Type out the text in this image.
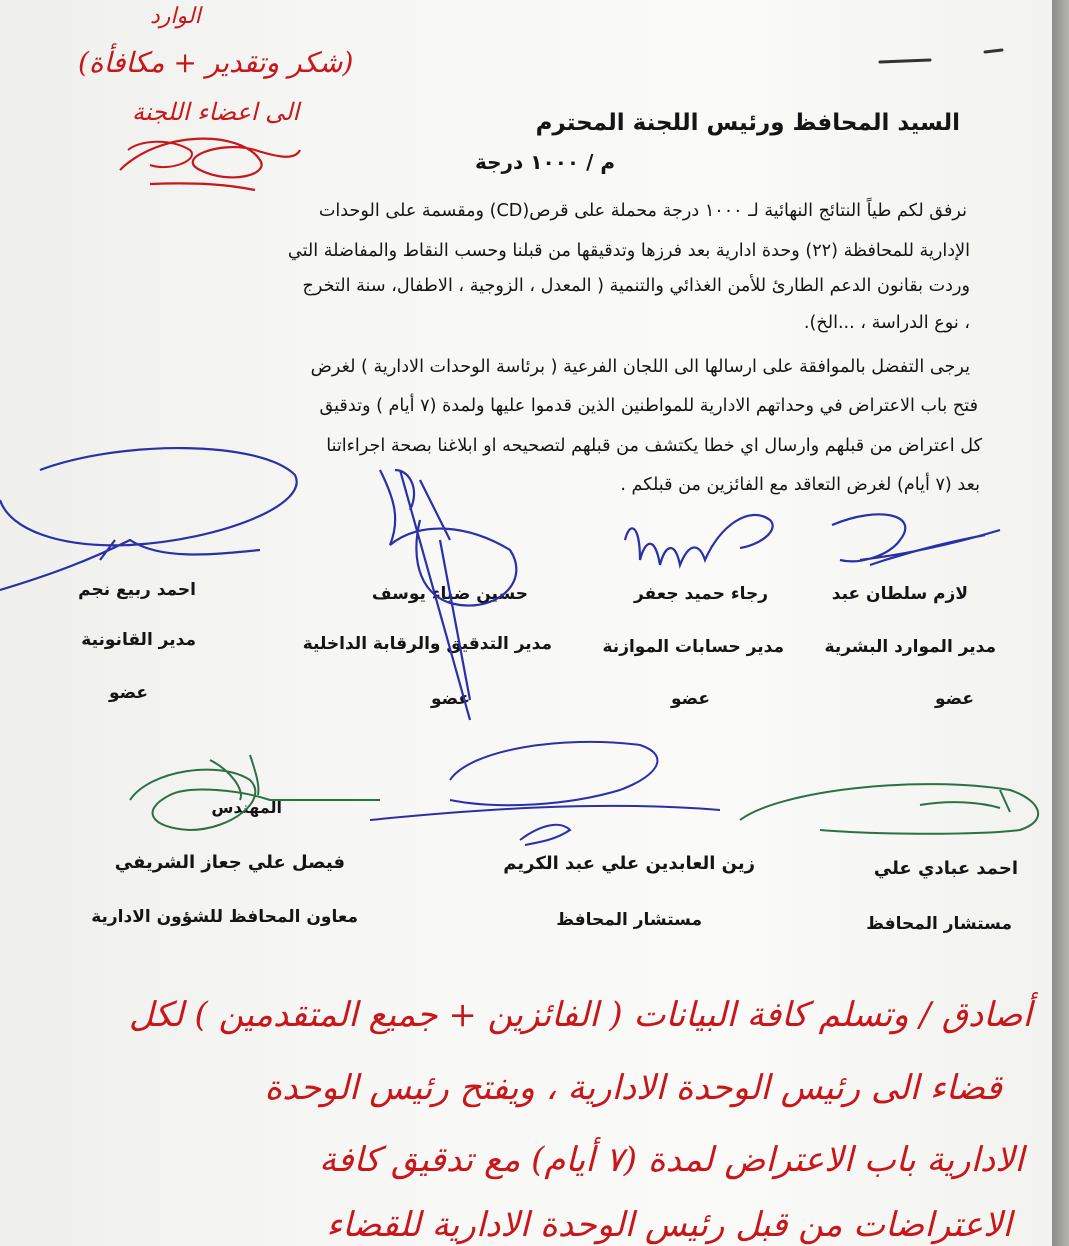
الوارد
(شكر وتقدير + مكافأة)
الى اعضاء اللجنة	السيد المحافظ ورئيس اللجنة المحترم
م / ١٠٠٠ درجة
نرفق لكم طياً النتائج النهائية لـ ١٠٠٠ درجة محملة على قرص(CD) ومقسمة على الوحدات
الإدارية للمحافظة (٢٢) وحدة ادارية بعد فرزها وتدقيقها من قبلنا وحسب النقاط والمفاضلة التي
وردت بقانون الدعم الطارئ للأمن الغذائي والتنمية ( المعدل ، الزوجية ، الاطفال، سنة التخرج
، نوع الدراسة ، ...الخ).
يرجى التفضل بالموافقة على ارسالها الى اللجان الفرعية ( برئاسة الوحدات الادارية ) لغرض
فتح باب الاعتراض في وحداتهم الادارية للمواطنين الذين قدموا عليها ولمدة (٧ أيام ) وتدقيق
كل اعتراض من قبلهم وارسال اي خطا يكتشف من قبلهم لتصحيحه او ابلاغنا بصحة اجراءاتنا
بعد (٧ أيام) لغرض التعاقد مع الفائزين من قبلكم .
لازم سلطان عبد
رجاء حميد جعفر
حسين ضياء يوسف
احمد ربيع نجم
مدير الموارد البشرية
مدير حسابات الموازنة
مدير التدقيق والرقابة الداخلية
مدير القانونية
عضو
عضو
عضو
عضو
المهندس
احمد عبادي علي
زين العابدين علي عبد الكريم
فيصل علي جعاز الشريفي
مستشار المحافظ
مستشار المحافظ
معاون المحافظ للشؤون الادارية
أصادق / وتسلم كافة البيانات ( الفائزين + جميع المتقدمين ) لكل
قضاء الى رئيس الوحدة الادارية ، ويفتح رئيس الوحدة
الادارية باب الاعتراض لمدة (٧ أيام) مع تدقيق كافة
الاعتراضات من قبل رئيس الوحدة الادارية للقضاء
